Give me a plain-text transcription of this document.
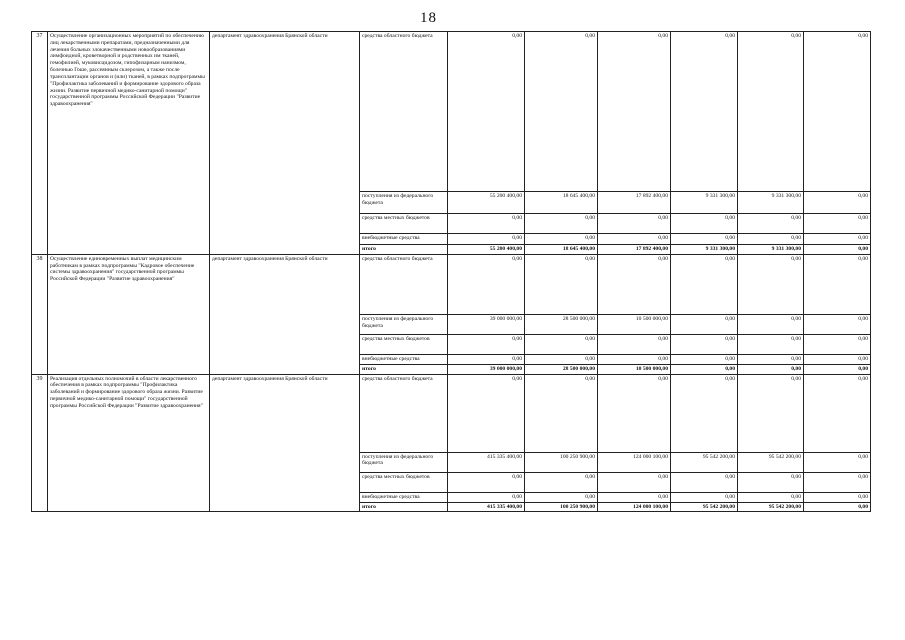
18
37	Осуществление организационных мероприятий по обеспечению лиц лекарственными препаратами, предназначенными для лечения больных злокачественными новообразованиями лимфоидной, кроветворной и родственных им тканей, гемофилией, муковисцидозом, гипофизарным нанизмом, болезнью Гоше, рассеянным склерозом, а также после трансплантации органов и (или) тканей, в рамках подпрограммы "Профилактика заболеваний и формирование здорового образа жизни. Развитие первичной медико-санитарной помощи" государственной программы Российской Федерации "Развитие здравоохранения"	департамент здравоохранения Брянской области	средства областного бюджета	0,00	0,00	0,00	0,00	0,00	0,00
			поступления из федерального бюджета	55 200 400,00	18 645 400,00	17 892 400,00	9 331 300,00	9 331 300,00	0,00
			средства местных бюджетов	0,00	0,00	0,00	0,00	0,00	0,00
			внебюджетные средства	0,00	0,00	0,00	0,00	0,00	0,00
			итого	55 200 400,00	18 645 400,00	17 892 400,00	9 331 300,00	9 331 300,00	0,00
38	Осуществление единовременных выплат медицинским работникам в рамках подпрограммы "Кадровое обеспечение системы здравоохранения" государственной программы Российской Федерации "Развитие здравоохранения"	департамент здравоохранения Брянской области	средства областного бюджета	0,00	0,00	0,00	0,00	0,00	0,00
			поступления из федерального бюджета	39 000 000,00	28 500 000,00	10 500 000,00	0,00	0,00	0,00
			средства местных бюджетов	0,00	0,00	0,00	0,00	0,00	0,00
			внебюджетные средства	0,00	0,00	0,00	0,00	0,00	0,00
			итого	39 000 000,00	28 500 000,00	10 500 000,00	0,00	0,00	0,00
39	Реализация отдельных полномочий в области лекарственного обеспечения в рамках подпрограммы "Профилактика заболеваний и формирование здорового образа жизни. Развитие первичной медико-санитарной помощи" государственной программы Российской Федерации "Развитие здравоохранения"	департамент здравоохранения Брянской области	средства областного бюджета	0,00	0,00	0,00	0,00	0,00	0,00
			поступления из федерального бюджета	415 335 400,00	100 250 900,00	124 000 100,00	95 542 200,00	95 542 200,00	0,00
			средства местных бюджетов	0,00	0,00	0,00	0,00	0,00	0,00
			внебюджетные средства	0,00	0,00	0,00	0,00	0,00	0,00
			итого	415 335 400,00	100 250 900,00	124 000 100,00	95 542 200,00	95 542 200,00	0,00
